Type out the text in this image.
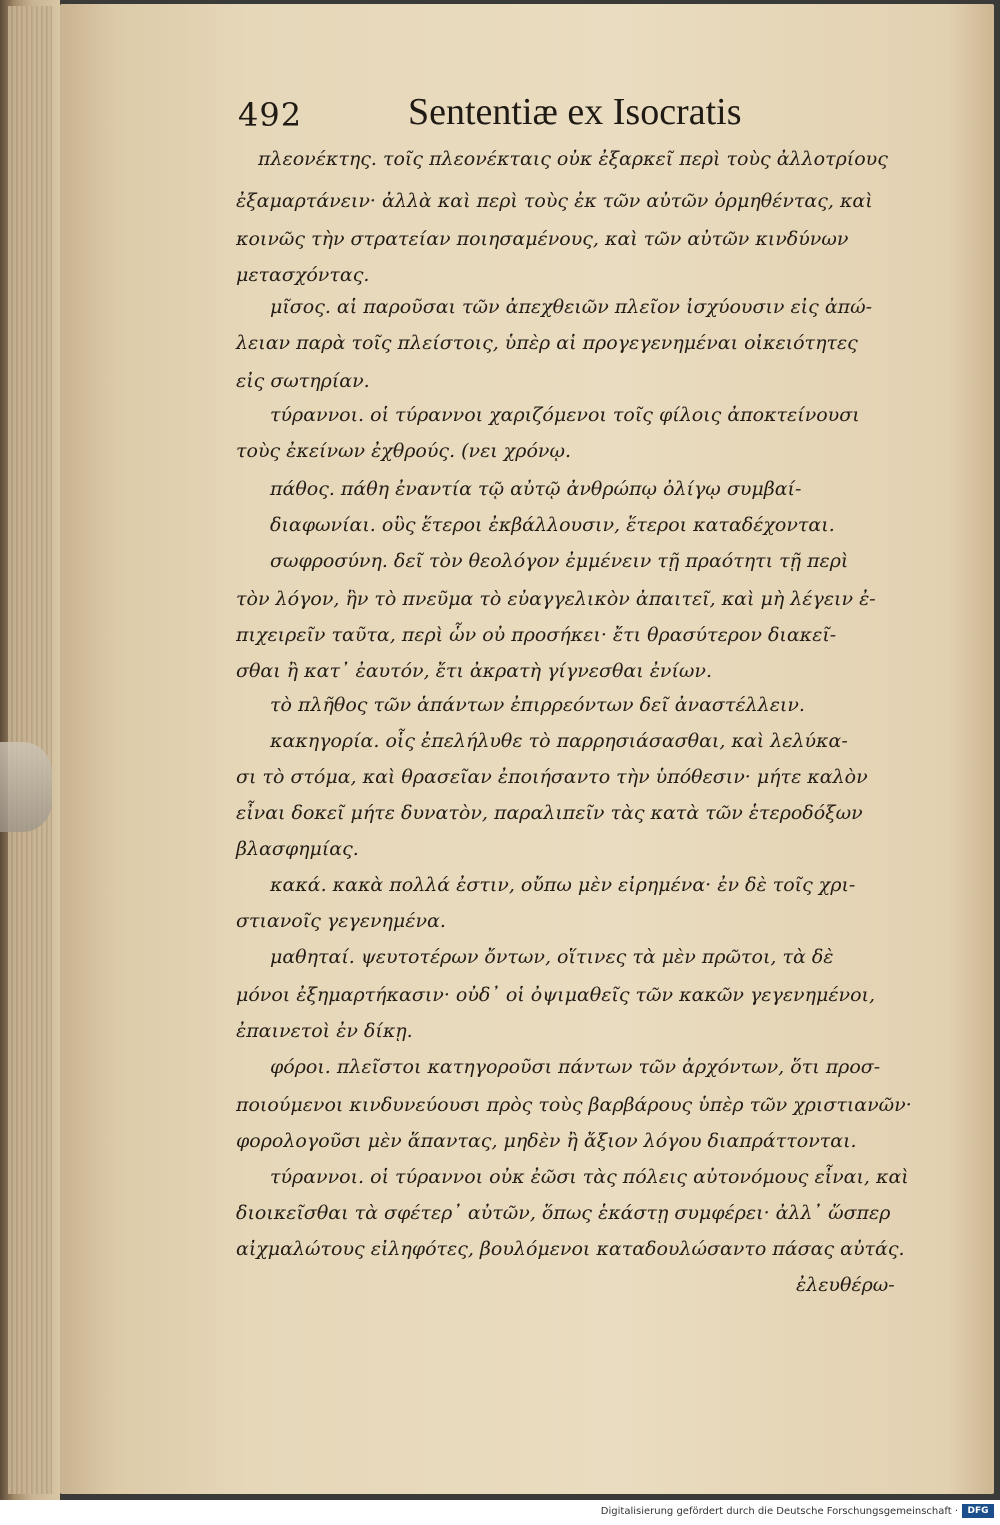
492	Sententiæ ex Isocratis
πλεονέκτης. τοῖς πλεονέκταις οὐκ ἐξαρκεῖ περὶ τοὺς ἀλλοτρίους
ἐξαμαρτάνειν· ἀλλὰ καὶ περὶ τοὺς ἐκ τῶν αὐτῶν ὁρμηθέντας, καὶ
κοινῶς τὴν στρατείαν ποιησαμένους, καὶ τῶν αὐτῶν κινδύνων
μετασχόντας.
μῖσος. αἱ παροῦσαι τῶν ἀπεχθειῶν πλεῖον ἰσχύουσιν εἰς ἀπώ-
λειαν παρὰ τοῖς πλείστοις, ὑπὲρ αἱ προγεγενημέναι οἰκειότητες
εἰς σωτηρίαν.
τύραννοι. οἱ τύραννοι χαριζόμενοι τοῖς φίλοις ἀποκτείνουσι
τοὺς ἐκείνων ἐχθρούς. (νει χρόνῳ.
πάθος. πάθη ἐναντία τῷ αὐτῷ ἀνθρώπῳ ὀλίγῳ συμβαί-
διαφωνίαι. οὓς ἕτεροι ἐκβάλλουσιν, ἕτεροι καταδέχονται.
σωφροσύνη. δεῖ τὸν θεολόγον ἐμμένειν τῇ πραότητι τῇ περὶ
τὸν λόγον, ἣν τὸ πνεῦμα τὸ εὐαγγελικὸν ἀπαιτεῖ, καὶ μὴ λέγειν ἐ-
πιχειρεῖν ταῦτα, περὶ ὧν οὐ προσήκει· ἔτι θρασύτερον διακεῖ-
σθαι ἢ κατ᾽ ἐαυτόν, ἔτι ἀκρατὴ γίγνεσθαι ἐνίων.
τὸ πλῆθος τῶν ἁπάντων ἐπιρρεόντων δεῖ ἀναστέλλειν.
κακηγορία. οἷς ἐπελήλυθε τὸ παρρησιάσασθαι, καὶ λελύκα-
σι τὸ στόμα, καὶ θρασεῖαν ἐποιήσαντο τὴν ὑπόθεσιν· μήτε καλὸν
εἶναι δοκεῖ μήτε δυνατὸν, παραλιπεῖν τὰς κατὰ τῶν ἑτεροδόξων
βλασφημίας.
κακά. κακὰ πολλά ἐστιν, οὔπω μὲν εἰρημένα· ἐν δὲ τοῖς χρι-
στιανοῖς γεγενημένα.
μαθηταί. ψευτοτέρων ὄντων, οἵτινες τὰ μὲν πρῶτοι, τὰ δὲ
μόνοι ἐξημαρτήκασιν· οὐδ᾽ οἱ ὀψιμαθεῖς τῶν κακῶν γεγενημένοι,
ἐπαινετοὶ ἐν δίκῃ.
φόροι. πλεῖστοι κατηγοροῦσι πάντων τῶν ἀρχόντων, ὅτι προσ-
ποιούμενοι κινδυνεύουσι πρὸς τοὺς βαρβάρους ὑπὲρ τῶν χριστιανῶν·
φορολογοῦσι μὲν ἅπαντας, μηδὲν ἢ ἄξιον λόγου διαπράττονται.
τύραννοι. οἱ τύραννοι οὐκ ἐῶσι τὰς πόλεις αὐτονόμους εἶναι, καὶ
διοικεῖσθαι τὰ σφέτερ᾽ αὐτῶν, ὅπως ἑκάστῃ συμφέρει· ἀλλ᾽ ὥσπερ
αἰχμαλώτους εἰληφότες, βουλόμενοι καταδουλώσαντο πάσας αὐτάς.
ἐλευθέρω-
Digitalisierung gefördert durch die Deutsche Forschungsgemeinschaft ·	DFG
